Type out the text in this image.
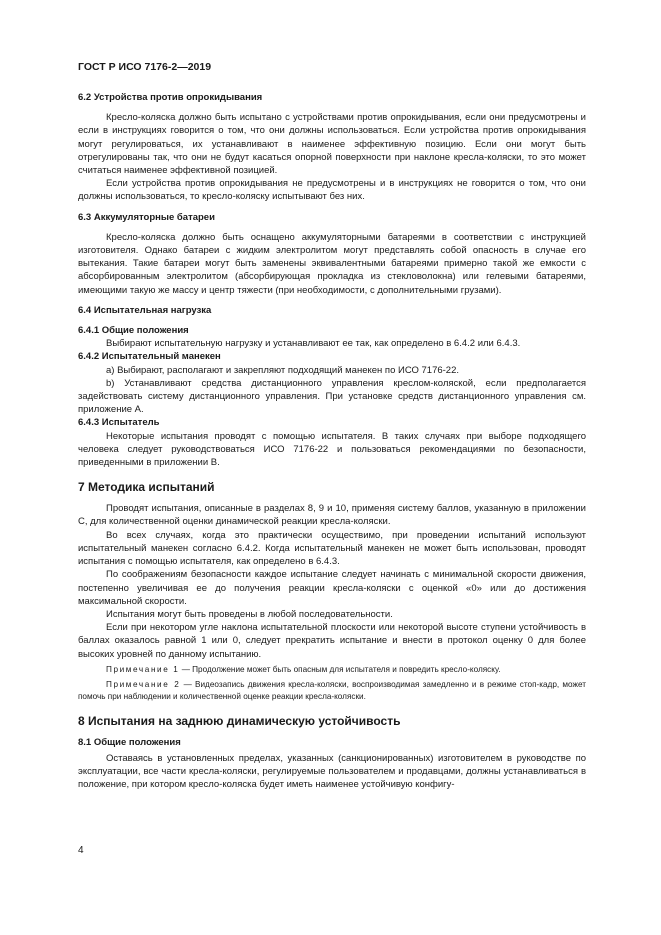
ГОСТ Р ИСО 7176-2—2019

6.2 Устройства против опрокидывания

Кресло-коляска должно быть испытано с устройствами против опрокидывания, если они предусмотрены и если в инструкциях говорится о том, что они должны использоваться. Если устройства против опрокидывания могут регулироваться, их устанавливают в наименее эффективную позицию. Если они могут быть отрегулированы так, что они не будут касаться опорной поверхности при наклоне кресла-коляски, то это может считаться наименее эффективной позицией.

Если устройства против опрокидывания не предусмотрены и в инструкциях не говорится о том, что они должны использоваться, то кресло-коляску испытывают без них.

6.3 Аккумуляторные батареи

Кресло-коляска должно быть оснащено аккумуляторными батареями в соответствии с инструкцией изготовителя. Однако батареи с жидким электролитом могут представлять собой опасность в случае его вытекания. Такие батареи могут быть заменены эквивалентными батареями примерно такой же емкости с абсорбированным электролитом (абсорбирующая прокладка из стекловолокна) или гелевыми батареями, имеющими такую же массу и центр тяжести (при необходимости, с дополнительными грузами).

6.4 Испытательная нагрузка

6.4.1 Общие положения

Выбирают испытательную нагрузку и устанавливают ее так, как определено в 6.4.2 или 6.4.3.

6.4.2 Испытательный манекен

a) Выбирают, располагают и закрепляют подходящий манекен по ИСО 7176-22.

b) Устанавливают средства дистанционного управления креслом-коляской, если предполагается задействовать систему дистанционного управления. При установке средств дистанционного управления см. приложение A.

6.4.3 Испытатель

Некоторые испытания проводят с помощью испытателя. В таких случаях при выборе подходящего человека следует руководствоваться ИСО 7176-22 и пользоваться рекомендациями по безопасности, приведенными в приложении B.

7 Методика испытаний

Проводят испытания, описанные в разделах 8, 9 и 10, применяя систему баллов, указанную в приложении C, для количественной оценки динамической реакции кресла-коляски.

Во всех случаях, когда это практически осуществимо, при проведении испытаний используют испытательный манекен согласно 6.4.2. Когда испытательный манекен не может быть использован, проводят испытания с помощью испытателя, как определено в 6.4.3.

По соображениям безопасности каждое испытание следует начинать с минимальной скорости движения, постепенно увеличивая ее до получения реакции кресла-коляски с оценкой «0» или до достижения максимальной скорости.

Испытания могут быть проведены в любой последовательности.

Если при некотором угле наклона испытательной плоскости или некоторой высоте ступени устойчивость в баллах оказалось равной 1 или 0, следует прекратить испытание и внести в протокол оценку 0 для более высоких уровней по данному испытанию.

Примечание 1 — Продолжение может быть опасным для испытателя и повредить кресло-коляску.

Примечание 2 — Видеозапись движения кресла-коляски, воспроизводимая замедленно и в режиме стоп-кадр, может помочь при наблюдении и количественной оценке реакции кресла-коляски.

8 Испытания на заднюю динамическую устойчивость

8.1 Общие положения

Оставаясь в установленных пределах, указанных (санкционированных) изготовителем в руководстве по эксплуатации, все части кресла-коляски, регулируемые пользователем и продавцами, должны устанавливаться в положение, при котором кресло-коляска будет иметь наименее устойчивую конфигу-

4
